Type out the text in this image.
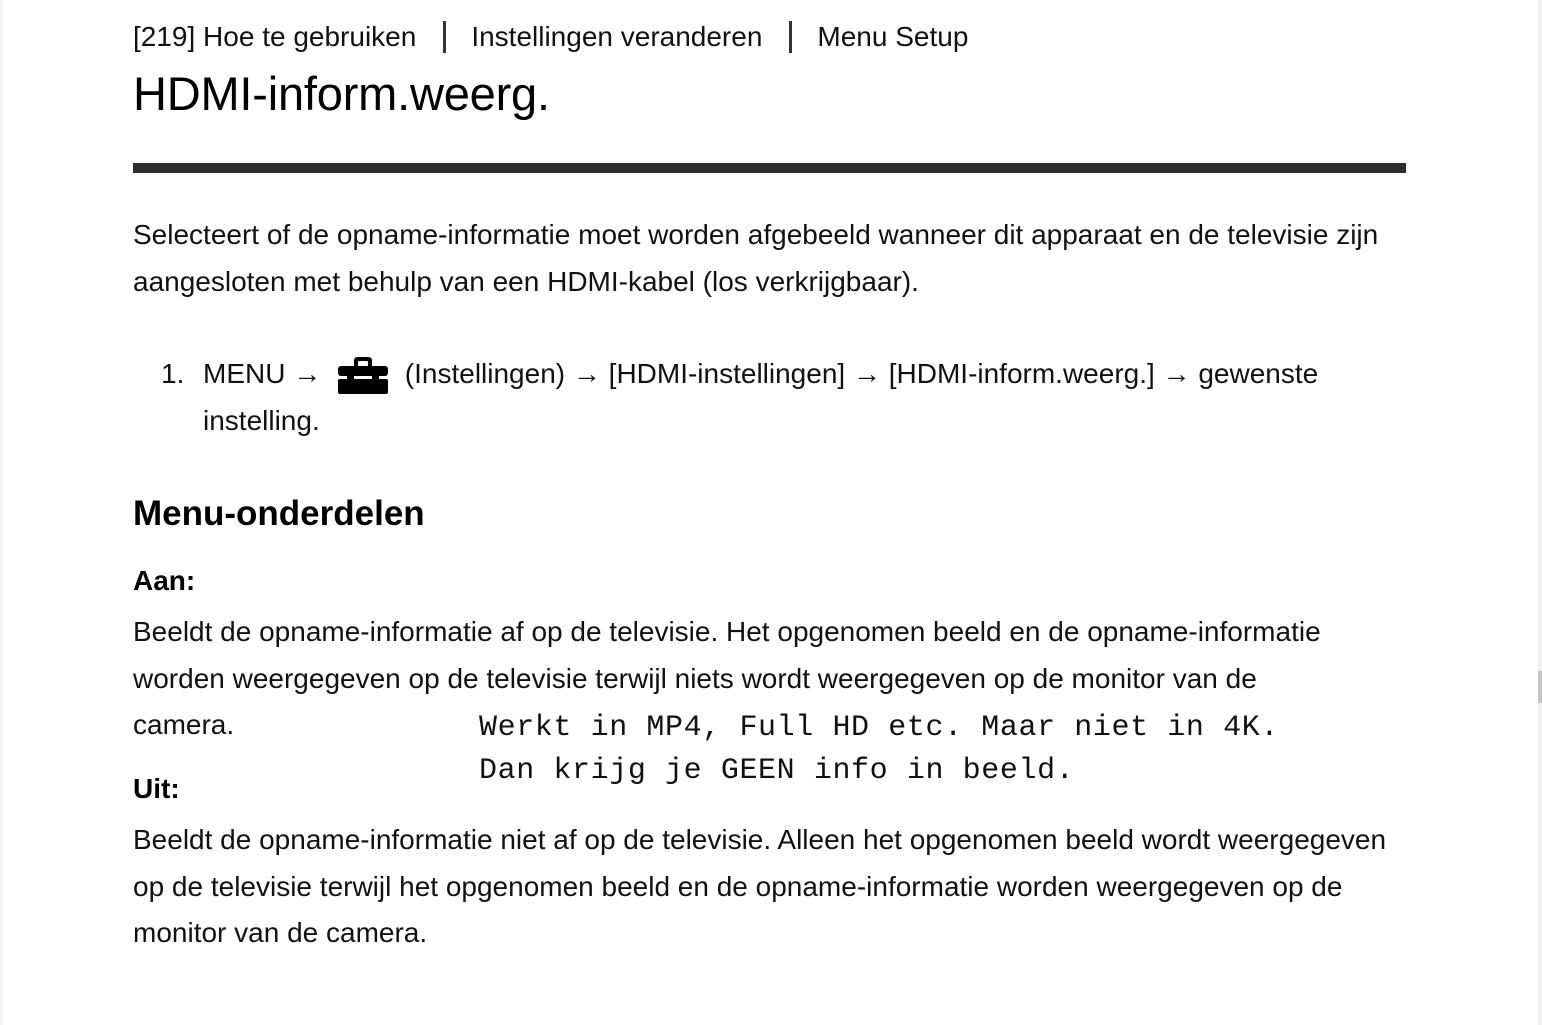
[219] Hoe te gebruiken Instellingen veranderen Menu Setup
HDMI-inform.weerg.

Selecteert of de opname-informatie moet worden afgebeeld wanneer dit apparaat en de televisie zijn aangesloten met behulp van een HDMI-kabel (los verkrijgbaar).

1. MENU →	(Instellingen) → [HDMI-instellingen] → [HDMI-inform.weerg.] → gewenste instelling.
Menu-onderdelen
Aan:

Beeldt de opname-informatie af op de televisie. Het opgenomen beeld en de opname-informatie worden weergegeven op de televisie terwijl niets wordt weergegeven op de monitor van de camera.

Uit:

Beeldt de opname-informatie niet af op de televisie. Alleen het opgenomen beeld wordt weergegeven op de televisie terwijl het opgenomen beeld en de opname-informatie worden weergegeven op de monitor van de camera.

Werkt in MP4, Full HD etc. Maar niet in 4K.
Dan krijg je GEEN info in beeld.
